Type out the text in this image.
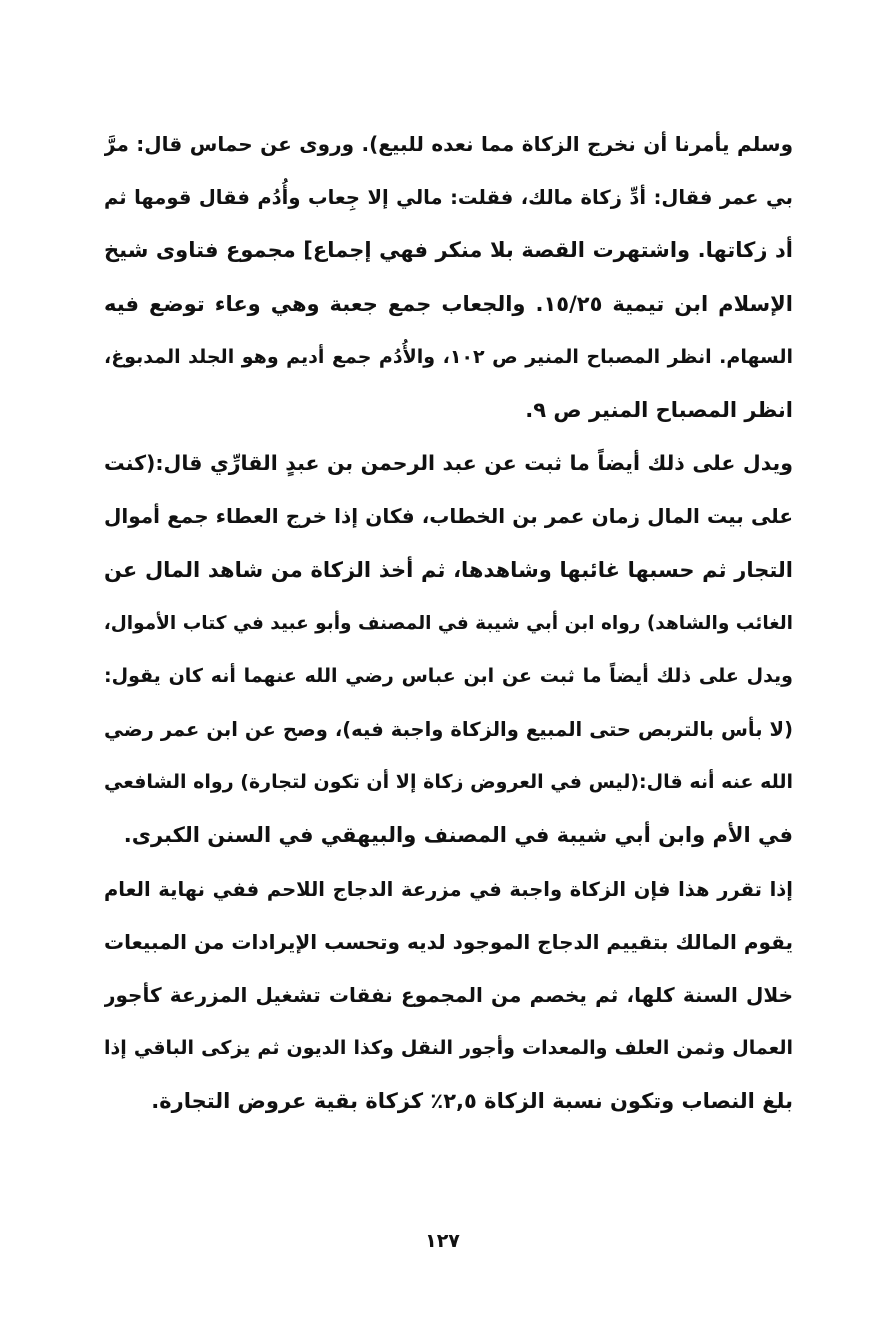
وسلم يأمرنا أن نخرج الزكاة مما نعده للبيع). وروى عن حماس قال: مرَّ
بي عمر فقال: أدِّ زكاة مالك، فقلت: مالي إلا جِعاب وأُدُم فقال قومها ثم
أد زكاتها. واشتهرت القصة بلا منكر فهي إجماع] مجموع فتاوى شيخ
الإسلام ابن تيمية ١٥/٢٥. والجعاب جمع جعبة وهي وعاء توضع فيه
السهام. انظر المصباح المنير ص ١٠٢، والأُدُم جمع أديم وهو الجلد المدبوغ،
انظر المصباح المنير ص ٩.
ويدل على ذلك أيضاً ما ثبت عن عبد الرحمن بن عبدٍ القارِّي قال:(كنت
على بيت المال زمان عمر بن الخطاب، فكان إذا خرج العطاء جمع أموال
التجار ثم حسبها غائبها وشاهدها، ثم أخذ الزكاة من شاهد المال عن
الغائب والشاهد) رواه ابن أبي شيبة في المصنف وأبو عبيد في كتاب الأموال،
ويدل على ذلك أيضاً ما ثبت عن ابن عباس رضي الله عنهما أنه كان يقول:
(لا بأس بالتربص حتى المبيع والزكاة واجبة فيه)، وصح عن ابن عمر رضي
الله عنه أنه قال:(ليس في العروض زكاة إلا أن تكون لتجارة) رواه الشافعي
في الأم وابن أبي شيبة في المصنف والبيهقي في السنن الكبرى.
إذا تقرر هذا فإن الزكاة واجبة في مزرعة الدجاج اللاحم ففي نهاية العام
يقوم المالك بتقييم الدجاج الموجود لديه وتحسب الإيرادات من المبيعات
خلال السنة كلها، ثم يخصم من المجموع نفقات تشغيل المزرعة كأجور
العمال وثمن العلف والمعدات وأجور النقل وكذا الديون ثم يزكى الباقي إذا
بلغ النصاب وتكون نسبة الزكاة ٢,٥٪ كزكاة بقية عروض التجارة.
١٢٧
